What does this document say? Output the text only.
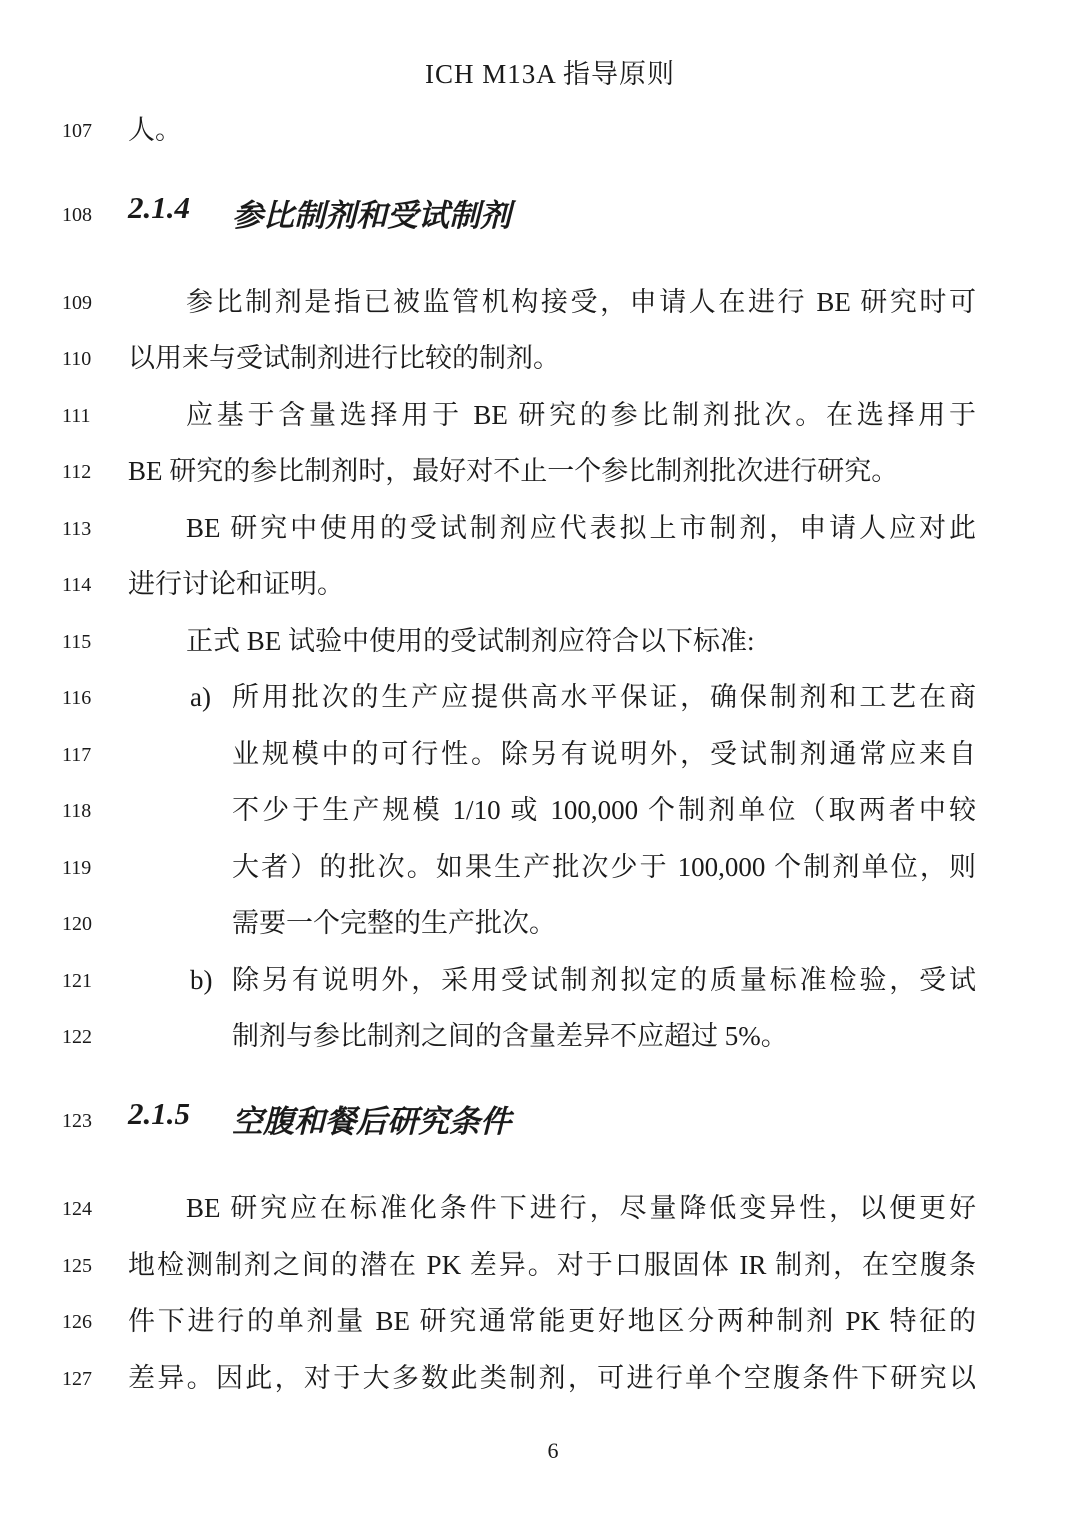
ICH M13A 指导原则
107 人。
108 2.1.4 参比制剂和受试制剂
109	参比制剂是指已被监管机构接受，申请人在进行 BE 研究时可
110 以用来与受试制剂进行比较的制剂。
111	应基于含量选择用于 BE 研究的参比制剂批次。在选择用于
112 BE 研究的参比制剂时，最好对不止一个参比制剂批次进行研究。
113	BE 研究中使用的受试制剂应代表拟上市制剂，申请人应对此
114 进行讨论和证明。
115	正式 BE 试验中使用的受试制剂应符合以下标准:
116	a) 所用批次的生产应提供高水平保证，确保制剂和工艺在商
117	业规模中的可行性。除另有说明外，受试制剂通常应来自
118	不少于生产规模 1/10 或 100,000 个制剂单位（取两者中较
119	大者）的批次。如果生产批次少于 100,000 个制剂单位，则
120	需要一个完整的生产批次。
121	b) 除另有说明外，采用受试制剂拟定的质量标准检验，受试
122	制剂与参比制剂之间的含量差异不应超过 5%。
123 2.1.5 空腹和餐后研究条件
124	BE 研究应在标准化条件下进行，尽量降低变异性，以便更好
125 地检测制剂之间的潜在 PK 差异。对于口服固体 IR 制剂，在空腹条
126 件下进行的单剂量 BE 研究通常能更好地区分两种制剂 PK 特征的
127 差异。因此，对于大多数此类制剂，可进行单个空腹条件下研究以
6
